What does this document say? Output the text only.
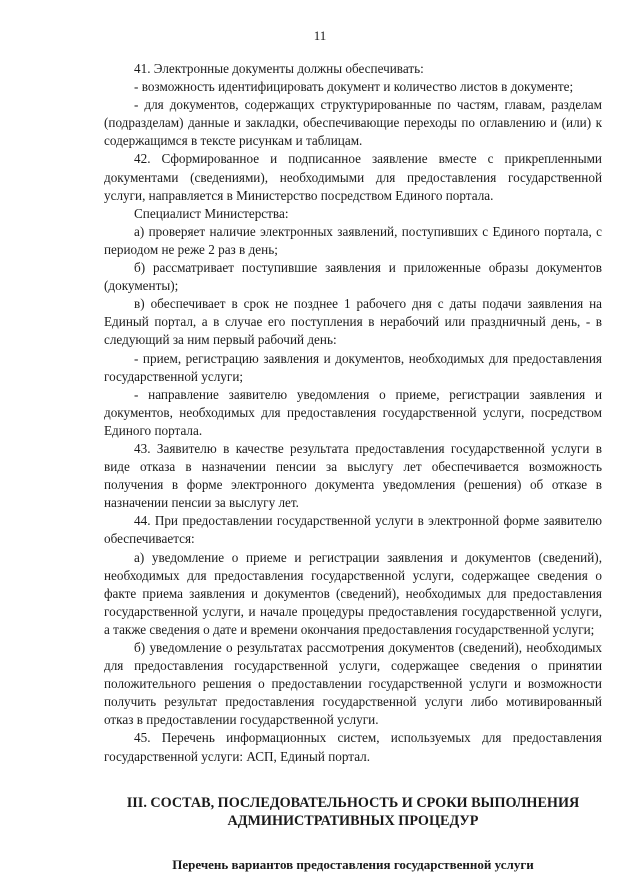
11

41. Электронные документы должны обеспечивать:

- возможность идентифицировать документ и количество листов в документе;

- для документов, содержащих структурированные по частям, главам, разделам (подразделам) данные и закладки, обеспечивающие переходы по оглавлению и (или) к содержащимся в тексте рисункам и таблицам.

42. Сформированное и подписанное заявление вместе с прикрепленными документами (сведениями), необходимыми для предоставления государственной услуги, направляется в Министерство посредством Единого портала.

Специалист Министерства:

а) проверяет наличие электронных заявлений, поступивших с Единого портала, с периодом не реже 2 раз в день;

б) рассматривает поступившие заявления и приложенные образы документов (документы);

в) обеспечивает в срок не позднее 1 рабочего дня с даты подачи заявления на Единый портал, а в случае его поступления в нерабочий или праздничный день, - в следующий за ним первый рабочий день:

- прием, регистрацию заявления и документов, необходимых для предоставления государственной услуги;

- направление заявителю уведомления о приеме, регистрации заявления и документов, необходимых для предоставления государственной услуги, посредством Единого портала.

43. Заявителю в качестве результата предоставления государственной услуги в виде отказа в назначении пенсии за выслугу лет обеспечивается возможность получения в форме электронного документа уведомления (решения) об отказе в назначении пенсии за выслугу лет.

44. При предоставлении государственной услуги в электронной форме заявителю обеспечивается:

а) уведомление о приеме и регистрации заявления и документов (сведений), необходимых для предоставления государственной услуги, содержащее сведения о факте приема заявления и документов (сведений), необходимых для предоставления государственной услуги, и начале процедуры предоставления государственной услуги, а также сведения о дате и времени окончания предоставления государственной услуги;

б) уведомление о результатах рассмотрения документов (сведений), необходимых для предоставления государственной услуги, содержащее сведения о принятии положительного решения о предоставлении государственной услуги и возможности получить результат предоставления государственной услуги либо мотивированный отказ в предоставлении государственной услуги.

45. Перечень информационных систем, используемых для предоставления государственной услуги: АСП, Единый портал.

III. СОСТАВ, ПОСЛЕДОВАТЕЛЬНОСТЬ И СРОКИ ВЫПОЛНЕНИЯ АДМИНИСТРАТИВНЫХ ПРОЦЕДУР
Перечень вариантов предоставления государственной услуги
